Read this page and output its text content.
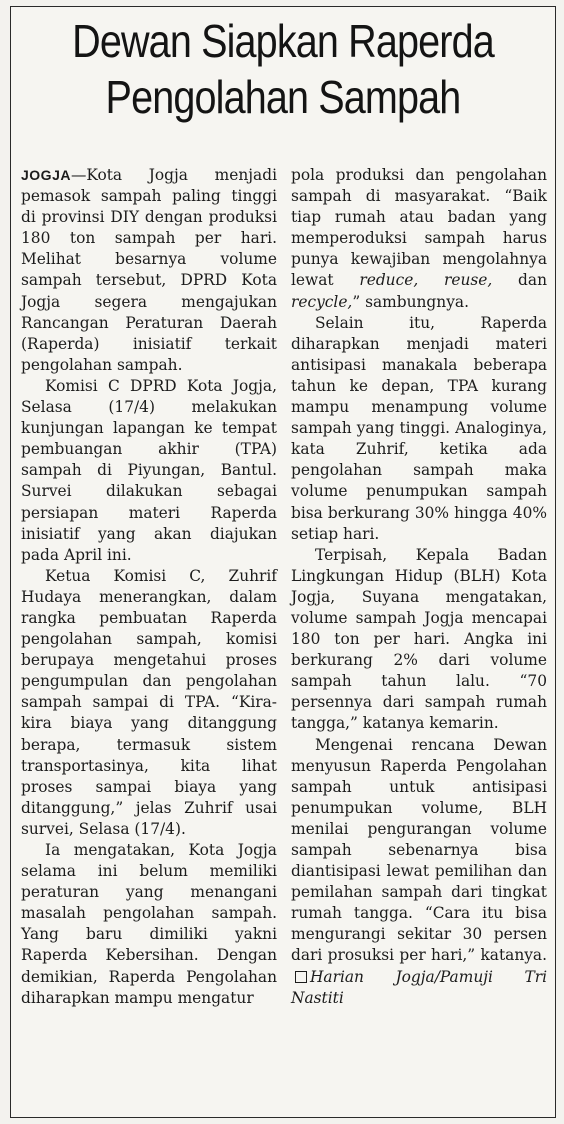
Dewan Siapkan Raperda
Pengolahan Sampah

JOGJA—Kota Jogja menjadi pemasok sampah paling tinggi di provinsi DIY dengan produksi 180 ton sampah per hari. Melihat besarnya volume sampah tersebut, DPRD Kota Jogja segera mengajukan Rancangan Peraturan Daerah (Raperda) inisiatif terkait pengolahan sampah.

Komisi C DPRD Kota Jogja, Selasa (17/4) melakukan kunjungan lapangan ke tempat pembuangan akhir (TPA) sampah di Piyungan, Bantul. Survei dilakukan sebagai persiapan materi Raperda inisiatif yang akan diajukan pada April ini.

Ketua Komisi C, Zuhrif Hudaya menerangkan, dalam rangka pembuatan Raperda pengolahan sampah, komisi berupaya mengetahui proses pengumpulan dan pengolahan sampah sampai di TPA. “Kira-kira biaya yang ditanggung berapa, termasuk sistem transportasinya, kita lihat proses sampai biaya yang ditanggung,” jelas Zuhrif usai survei, Selasa (17/4).

Ia mengatakan, Kota Jogja selama ini belum memiliki peraturan yang menangani masalah pengolahan sampah. Yang baru dimiliki yakni Raperda Kebersihan. Dengan demikian, Raperda Pengolahan diharapkan mampu mengatur

pola produksi dan pengolahan sampah di masyarakat. “Baik tiap rumah atau badan yang memperoduksi sampah harus punya kewajiban mengolahnya lewat reduce, reuse, dan recycle,” sambungnya.

Selain itu, Raperda diharapkan menjadi materi antisipasi manakala beberapa tahun ke depan, TPA kurang mampu menampung volume sampah yang tinggi. Analoginya, kata Zuhrif, ketika ada pengolahan sampah maka volume penumpukan sampah bisa berkurang 30% hingga 40% setiap hari.

Terpisah, Kepala Badan Lingkungan Hidup (BLH) Kota Jogja, Suyana mengatakan, volume sampah Jogja mencapai 180 ton per hari. Angka ini berkurang 2% dari volume sampah tahun lalu. “70 persennya dari sampah rumah tangga,” katanya kemarin.

Mengenai rencana Dewan menyusun Raperda Pengolahan sampah untuk antisipasi penumpukan volume, BLH menilai pengurangan volume sampah sebenarnya bisa diantisipasi lewat pemilihan dan pemilahan sampah dari tingkat rumah tangga. “Cara itu bisa mengurangi sekitar 30 persen dari prosuksi per hari,” katanya.Harian Jogja/Pamuji Tri Nastiti
